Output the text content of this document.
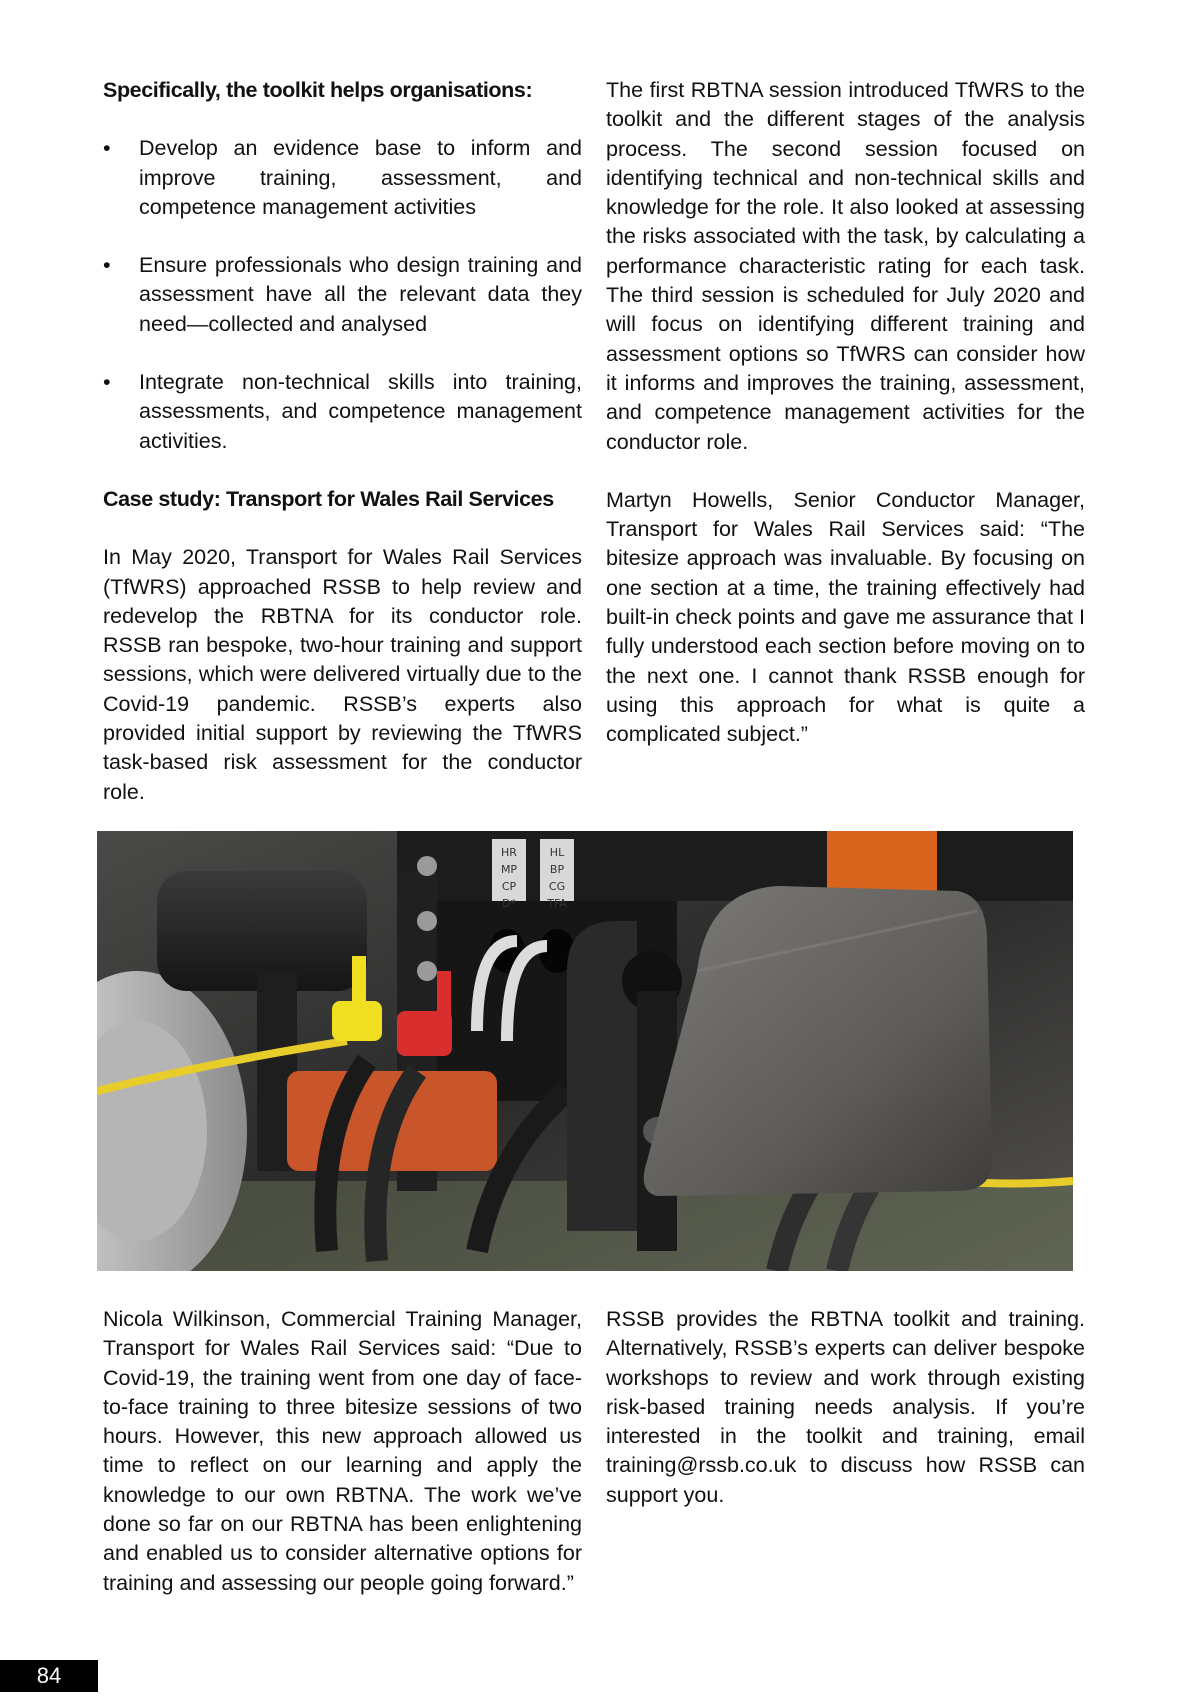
Specifically, the toolkit helps organisations:

• Develop an evidence base to inform and improve training, assessment, and competence management activities
• Ensure professionals who design training and assessment have all the relevant data they need—collected and analysed
• Integrate non-technical skills into training, assessments, and competence management activities.

Case study: Transport for Wales Rail Services

In May 2020, Transport for Wales Rail Services (TfWRS) approached RSSB to help review and redevelop the RBTNA for its conductor role. RSSB ran bespoke, two-hour training and support sessions, which were delivered virtually due to the Covid-19 pandemic. RSSB’s experts also provided initial support by reviewing the TfWRS task-based risk assessment for the conductor role.

The first RBTNA session introduced TfWRS to the toolkit and the different stages of the analysis process. The second session focused on identifying technical and non-technical skills and knowledge for the role. It also looked at assessing the risks associated with the task, by calculating a performance characteristic rating for each task. The third session is scheduled for July 2020 and will focus on identifying different training and assessment options so TfWRS can consider how it informs and improves the training, assessment, and competence management activities for the conductor role.

Martyn Howells, Senior Conductor Manager, Transport for Wales Rail Services said: “The bitesize approach was invaluable. By focusing on one section at a time, the training effectively had built-in check points and gave me assurance that I fully understood each section before moving on to the next one. I cannot thank RSSB enough for using this approach for what is quite a complicated subject.”

HR
MP
CP
D*
HL
BP
CG
TFA

Nicola Wilkinson, Commercial Training Manager, Transport for Wales Rail Services said: “Due to Covid-19, the training went from one day of face-to-face training to three bitesize sessions of two hours. However, this new approach allowed us time to reflect on our learning and apply the knowledge to our own RBTNA. The work we’ve done so far on our RBTNA has been enlightening and enabled us to consider alternative options for training and assessing our people going forward.”

RSSB provides the RBTNA toolkit and training. Alternatively, RSSB’s experts can deliver bespoke workshops to review and work through existing risk-based training needs analysis. If you’re interested in the toolkit and training, email training@rssb.co.uk to discuss how RSSB can support you.

84
